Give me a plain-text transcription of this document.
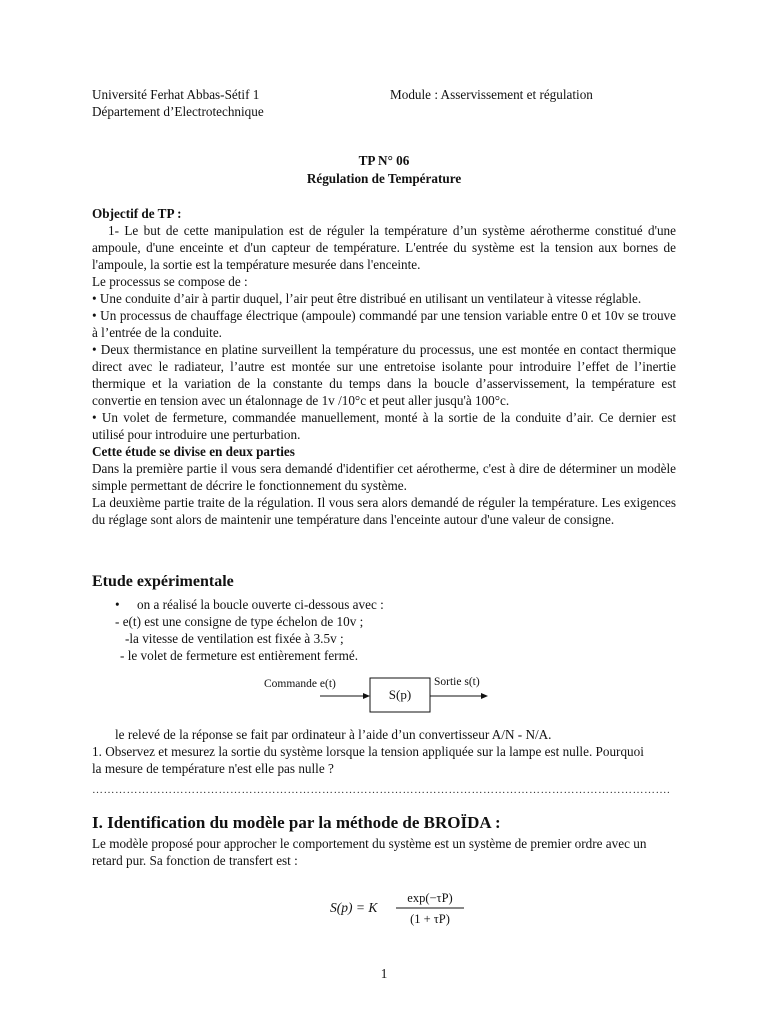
Université Ferhat Abbas-Sétif 1

Département d’Electrotechnique

Module : Asservissement et régulation
TP N° 06
Régulation de Température

Objectif de TP :

1- Le but de cette manipulation est de réguler la température d’un système aérotherme constitué d'une ampoule, d'une enceinte et d'un capteur de température. L'entrée du système est la tension aux bornes de l'ampoule, la sortie est la température mesurée dans l'enceinte.

Le processus se compose de :

• Une conduite d’air à partir duquel, l’air peut être distribué en utilisant un ventilateur à vitesse réglable.

• Un processus de chauffage électrique (ampoule) commandé par une tension variable entre 0 et 10v se trouve à l’entrée de la conduite.

• Deux thermistance en platine surveillent la température du processus, une est montée en contact thermique direct avec le radiateur, l’autre est montée sur une entretoise isolante pour introduire l’effet de l’inertie thermique et la variation de la constante du temps dans la boucle d’asservissement, la température est convertie en tension avec un étalonnage de 1v /10°c et peut aller jusqu'à 100°c.

• Un volet de fermeture, commandée manuellement, monté à la sortie de la conduite d’air. Ce dernier est utilisé pour introduire une perturbation.

Cette étude se divise en deux parties

Dans la première partie il vous sera demandé d'identifier cet aérotherme, c'est à dire de déterminer un modèle simple permettant de décrire le fonctionnement du système.

La deuxième partie traite de la régulation. Il vous sera alors demandé de réguler la température. Les exigences du réglage sont alors de maintenir une température dans l'enceinte autour d'une valeur de consigne.

Etude expérimentale

• on a réalisé la boucle ouverte ci-dessous avec :

- e(t) est une consigne de type échelon de 10v ;

-la vitesse de ventilation est fixée à 3.5v ;

- le volet de fermeture est entièrement fermé.

Commande e(t)
S(p)
Sortie s(t)
le relevé de la réponse se fait par ordinateur à l’aide d’un convertisseur A/N - N/A.
1. Observez et mesurez la sortie du système lorsque la tension appliquée sur la lampe est nulle. Pourquoi la mesure de température n'est elle pas nulle ?
…………………………………………………………………………………………………………………………………….
I. Identification du modèle par la méthode de BROÏDA :
Le modèle proposé pour approcher le comportement du système est un système de premier ordre avec un retard pur. Sa fonction de transfert est :
S(p) = K
exp(−τP)
(1 + τP)
1
